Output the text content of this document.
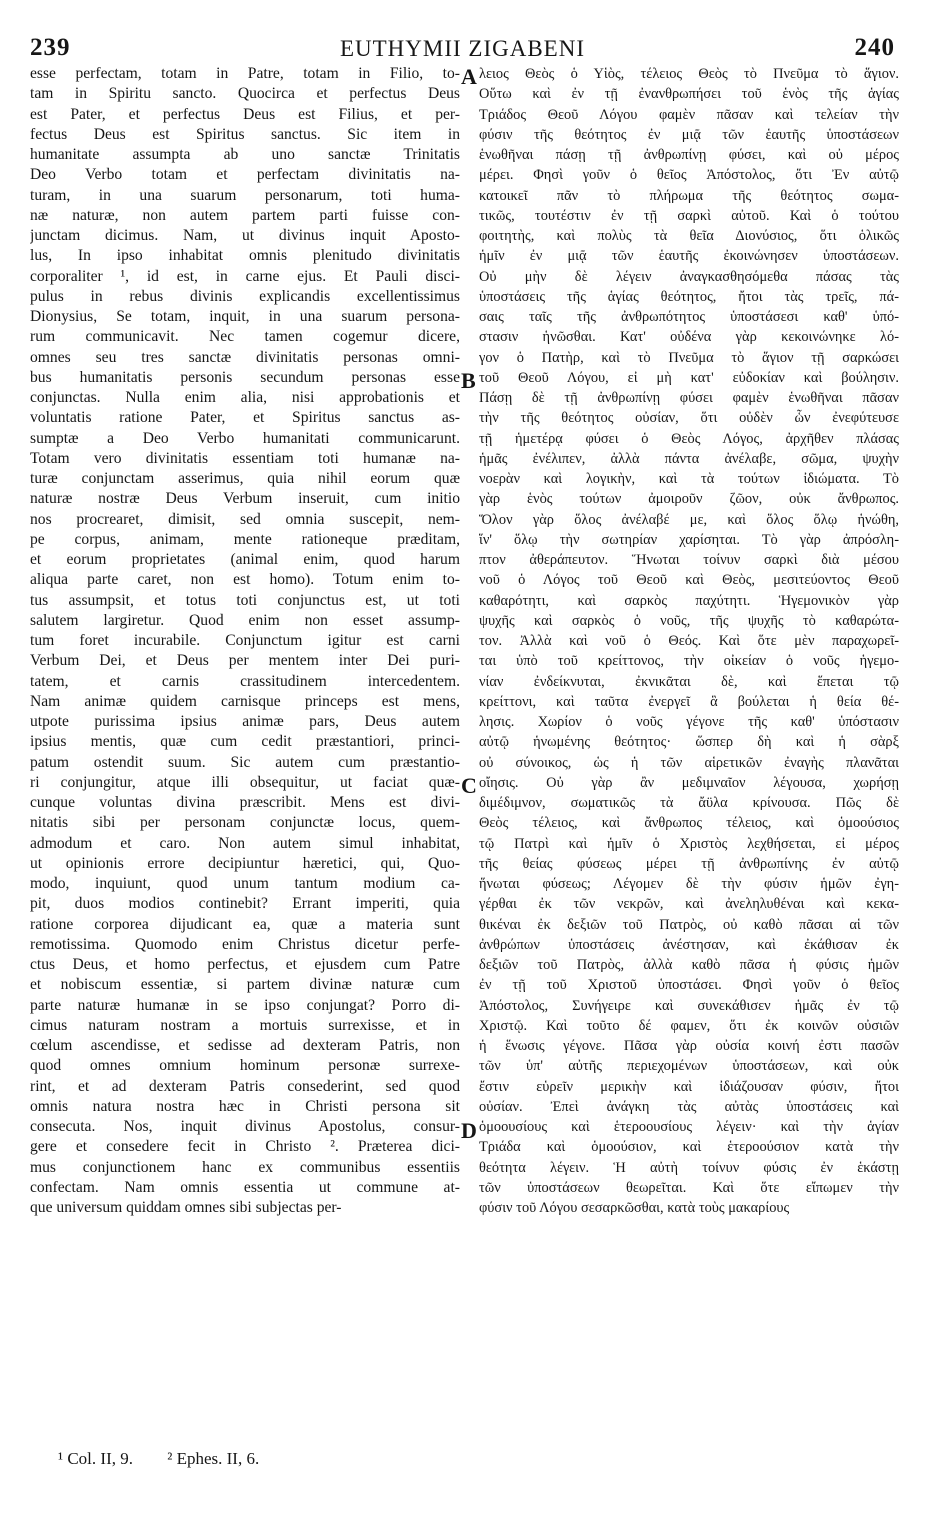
239	EUTHYMII ZIGABENI	240
esse perfectam, totam in Patre, totam in Filio, to-
tam in Spiritu sancto. Quocirca et perfectus Deus
est Pater, et perfectus Deus est Filius, et per-
fectus Deus est Spiritus sanctus. Sic item in
humanitate assumpta ab uno sanctæ Trinitatis
Deo Verbo totam et perfectam divinitatis na-
turam, in una suarum personarum, toti huma-
næ naturæ, non autem partem parti fuisse con-
junctam dicimus. Nam, ut divinus inquit Aposto-
lus, In ipso inhabitat omnis plenitudo divinitatis
corporaliter ¹, id est, in carne ejus. Et Pauli disci-
pulus in rebus divinis explicandis excellentissimus
Dionysius, Se totam, inquit, in una suarum persona-
rum communicavit. Nec tamen cogemur dicere,
omnes seu tres sanctæ divinitatis personas omni-
bus humanitatis personis secundum personas esse
conjunctas. Nulla enim alia, nisi approbationis et
voluntatis ratione Pater, et Spiritus sanctus as-
sumptæ a Deo Verbo humanitati communicarunt.
Totam vero divinitatis essentiam toti humanæ na-
turæ conjunctam asserimus, quia nihil eorum quæ
naturæ nostræ Deus Verbum inseruit, cum initio
nos procrearet, dimisit, sed omnia suscepit, nem-
pe corpus, animam, mente rationeque præditam,
et eorum proprietates (animal enim, quod harum
aliqua parte caret, non est homo). Totum enim to-
tus assumpsit, et totus toti conjunctus est, ut toti
salutem largiretur. Quod enim non esset assump-
tum foret incurabile. Conjunctum igitur est carni
Verbum Dei, et Deus per mentem inter Dei puri-
tatem, et carnis crassitudinem intercedentem.
Nam animæ quidem carnisque princeps est mens,
utpote purissima ipsius animæ pars, Deus autem
ipsius mentis, quæ cum cedit præstantiori, princi-
patum ostendit suum. Sic autem cum præstantio-
ri conjungitur, atque illi obsequitur, ut faciat quæ-
cunque voluntas divina præscribit. Mens est divi-
nitatis sibi per personam conjunctæ locus, quem-
admodum et caro. Non autem simul inhabitat,
ut opinionis errore decipiuntur hæretici, qui, Quo-
modo, inquiunt, quod unum tantum modium ca-
pit, duos modios continebit? Errant imperiti, quia
ratione corporea dijudicant ea, quæ a materia sunt
remotissima. Quomodo enim Christus dicetur perfe-
ctus Deus, et homo perfectus, et ejusdem cum Patre
et nobiscum essentiæ, si partem divinæ naturæ cum
parte naturæ humanæ in se ipso conjungat? Porro di-
cimus naturam nostram a mortuis surrexisse, et in
cœlum ascendisse, et sedisse ad dexteram Patris, non
quod omnes omnium hominum personæ surrexe-
rint, et ad dexteram Patris consederint, sed quod
omnis natura nostra hæc in Christi persona sit
consecuta. Nos, inquit divinus Apostolus, consur-
gere et consedere fecit in Christo ². Præterea dici-
mus conjunctionem hanc ex communibus essentiis
confectam. Nam omnis essentia ut commune at-
que universum quiddam omnes sibi subjectas per-
λειος Θεὸς ὁ Υἱὸς, τέλειος Θεὸς τὸ Πνεῦμα τὸ ἅγιον.
Οὕτω καὶ ἐν τῇ ἐνανθρωπήσει τοῦ ἑνὸς τῆς ἁγίας
Τριάδος Θεοῦ Λόγου φαμὲν πᾶσαν καὶ τελείαν τὴν
φύσιν τῆς θεότητος ἐν μιᾷ τῶν ἑαυτῆς ὑποστάσεων
ἑνωθῆναι πάσῃ τῇ ἀνθρωπίνῃ φύσει, καὶ οὐ μέρος
μέρει. Φησὶ γοῦν ὁ θεῖος Ἀπόστολος, ὅτι Ἐν αὐτῷ
κατοικεῖ πᾶν τὸ πλήρωμα τῆς θεότητος σωμα-
τικῶς, τουτέστιν ἐν τῇ σαρκὶ αὐτοῦ. Καὶ ὁ τούτου
φοιτητὴς, καὶ πολὺς τὰ θεῖα Διονύσιος, ὅτι ὁλικῶς
ἡμῖν ἐν μιᾷ τῶν ἑαυτῆς ἐκοινώνησεν ὑποστάσεων.
Οὐ μὴν δὲ λέγειν ἀναγκασθησόμεθα πάσας τὰς
ὑποστάσεις τῆς ἁγίας θεότητος, ἤτοι τὰς τρεῖς, πά-
σαις ταῖς τῆς ἀνθρωπότητος ὑποστάσεσι καθ' ὑπό-
στασιν ἡνῶσθαι. Κατ' οὐδένα γὰρ κεκοινώνηκε λό-
γον ὁ Πατὴρ, καὶ τὸ Πνεῦμα τὸ ἅγιον τῇ σαρκώσει
τοῦ Θεοῦ Λόγου, εἰ μὴ κατ' εὐδοκίαν καὶ βούλησιν.
Πάσῃ δὲ τῇ ἀνθρωπίνῃ φύσει φαμὲν ἑνωθῆναι πᾶσαν
τὴν τῆς θεότητος οὐσίαν, ὅτι οὐδὲν ὧν ἐνεφύτευσε
τῇ ἡμετέρᾳ φύσει ὁ Θεὸς Λόγος, ἀρχῆθεν πλάσας
ἡμᾶς ἐνέλιπεν, ἀλλὰ πάντα ἀνέλαβε, σῶμα, ψυχὴν
νοερὰν καὶ λογικὴν, καὶ τὰ τούτων ἰδιώματα. Τὸ
γὰρ ἑνὸς τούτων ἀμοιροῦν ζῶον, οὐκ ἄνθρωπος.
Ὅλον γὰρ ὅλος ἀνέλαβέ με, καὶ ὅλος ὅλῳ ἡνώθη,
ἵν' ὅλῳ τὴν σωτηρίαν χαρίσηται. Τὸ γὰρ ἀπρόσλη-
πτον ἀθεράπευτον. Ἥνωται τοίνυν σαρκὶ διὰ μέσου
νοῦ ὁ Λόγος τοῦ Θεοῦ καὶ Θεὸς, μεσιτεύοντος Θεοῦ
καθαρότητι, καὶ σαρκὸς παχύτητι. Ἡγεμονικὸν γὰρ
ψυχῆς καὶ σαρκὸς ὁ νοῦς, τῆς ψυχῆς τὸ καθαρώτα-
τον. Ἀλλὰ καὶ νοῦ ὁ Θεός. Καὶ ὅτε μὲν παραχωρεῖ-
ται ὑπὸ τοῦ κρείττονος, τὴν οἰκείαν ὁ νοῦς ἡγεμο-
νίαν ἐνδείκνυται, ἐκνικᾶται δὲ, καὶ ἕπεται τῷ
κρείττονι, καὶ ταῦτα ἐνεργεῖ ἃ βούλεται ἡ θεία θέ-
λησις. Χωρίον ὁ νοῦς γέγονε τῆς καθ' ὑπόστασιν
αὐτῷ ἡνωμένης θεότητος· ὥσπερ δὴ καὶ ἡ σὰρξ
οὐ σύνοικος, ὡς ἡ τῶν αἱρετικῶν ἐναγὴς πλανᾶται
οἴησις. Οὐ γὰρ ἂν μεδιμναῖον λέγουσα, χωρήσῃ
διμέδιμνον, σωματικῶς τὰ ἄϋλα κρίνουσα. Πῶς δὲ
Θεὸς τέλειος, καὶ ἄνθρωπος τέλειος, καὶ ὁμοούσιος
τῷ Πατρὶ καὶ ἡμῖν ὁ Χριστὸς λεχθήσεται, εἰ μέρος
τῆς θείας φύσεως μέρει τῇ ἀνθρωπίνης ἐν αὐτῷ
ἥνωται φύσεως; Λέγομεν δὲ τὴν φύσιν ἡμῶν ἐγη-
γέρθαι ἐκ τῶν νεκρῶν, καὶ ἀνεληλυθέναι καὶ κεκα-
θικέναι ἐκ δεξιῶν τοῦ Πατρὸς, οὐ καθὸ πᾶσαι αἱ τῶν
ἀνθρώπων ὑποστάσεις ἀνέστησαν, καὶ ἐκάθισαν ἐκ
δεξιῶν τοῦ Πατρὸς, ἀλλὰ καθὸ πᾶσα ἡ φύσις ἡμῶν
ἐν τῇ τοῦ Χριστοῦ ὑποστάσει. Φησὶ γοῦν ὁ θεῖος
Ἀπόστολος, Συνήγειρε καὶ συνεκάθισεν ἡμᾶς ἐν τῷ
Χριστῷ. Καὶ τοῦτο δέ φαμεν, ὅτι ἐκ κοινῶν οὐσιῶν
ἡ ἕνωσις γέγονε. Πᾶσα γὰρ οὐσία κοινή ἐστι πασῶν
τῶν ὑπ' αὐτῆς περιεχομένων ὑποστάσεων, καὶ οὐκ
ἔστιν εὑρεῖν μερικὴν καὶ ἰδιάζουσαν φύσιν, ἤτοι
οὐσίαν. Ἐπεὶ ἀνάγκη τὰς αὐτὰς ὑποστάσεις καὶ
ὁμοουσίους καὶ ἑτεροουσίους λέγειν· καὶ τὴν ἁγίαν
Τριάδα καὶ ὁμοούσιον, καὶ ἑτεροούσιον κατὰ τὴν
θεότητα λέγειν. Ἡ αὐτὴ τοίνυν φύσις ἐν ἑκάστῃ
τῶν ὑποστάσεων θεωρεῖται. Καὶ ὅτε εἴπωμεν τὴν
φύσιν τοῦ Λόγου σεσαρκῶσθαι, κατὰ τοὺς μακαρίους
A
B
C
D
¹ Col. II, 9. ² Ephes. II, 6.
